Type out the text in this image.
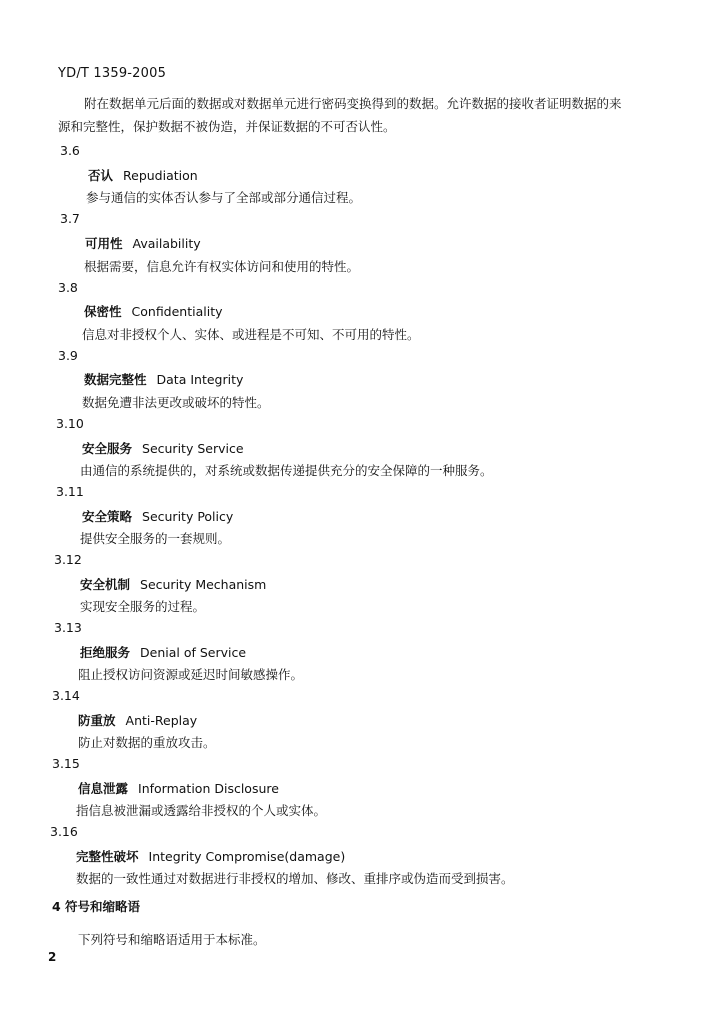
YD/T 1359-2005
附在数据单元后面的数据或对数据单元进行密码变换得到的数据。允许数据的接收者证明数据的来
源和完整性，保护数据不被伪造，并保证数据的不可否认性。
3.6
否认 Repudiation
参与通信的实体否认参与了全部或部分通信过程。
3.7
可用性 Availability
根据需要，信息允许有权实体访问和使用的特性。
3.8
保密性 Confidentiality
信息对非授权个人、实体、或进程是不可知、不可用的特性。
3.9
数据完整性 Data Integrity
数据免遭非法更改或破坏的特性。
3.10
安全服务 Security Service
由通信的系统提供的，对系统或数据传递提供充分的安全保障的一种服务。
3.11
安全策略 Security Policy
提供安全服务的一套规则。
3.12
安全机制 Security Mechanism
实现安全服务的过程。
3.13
拒绝服务 Denial of Service
阻止授权访问资源或延迟时间敏感操作。
3.14
防重放 Anti-Replay
防止对数据的重放攻击。
3.15
信息泄露 Information Disclosure
指信息被泄漏或透露给非授权的个人或实体。
3.16
完整性破坏 Integrity Compromise(damage)
数据的一致性通过对数据进行非授权的增加、修改、重排序或伪造而受到损害。
4 符号和缩略语
下列符号和缩略语适用于本标准。
2
